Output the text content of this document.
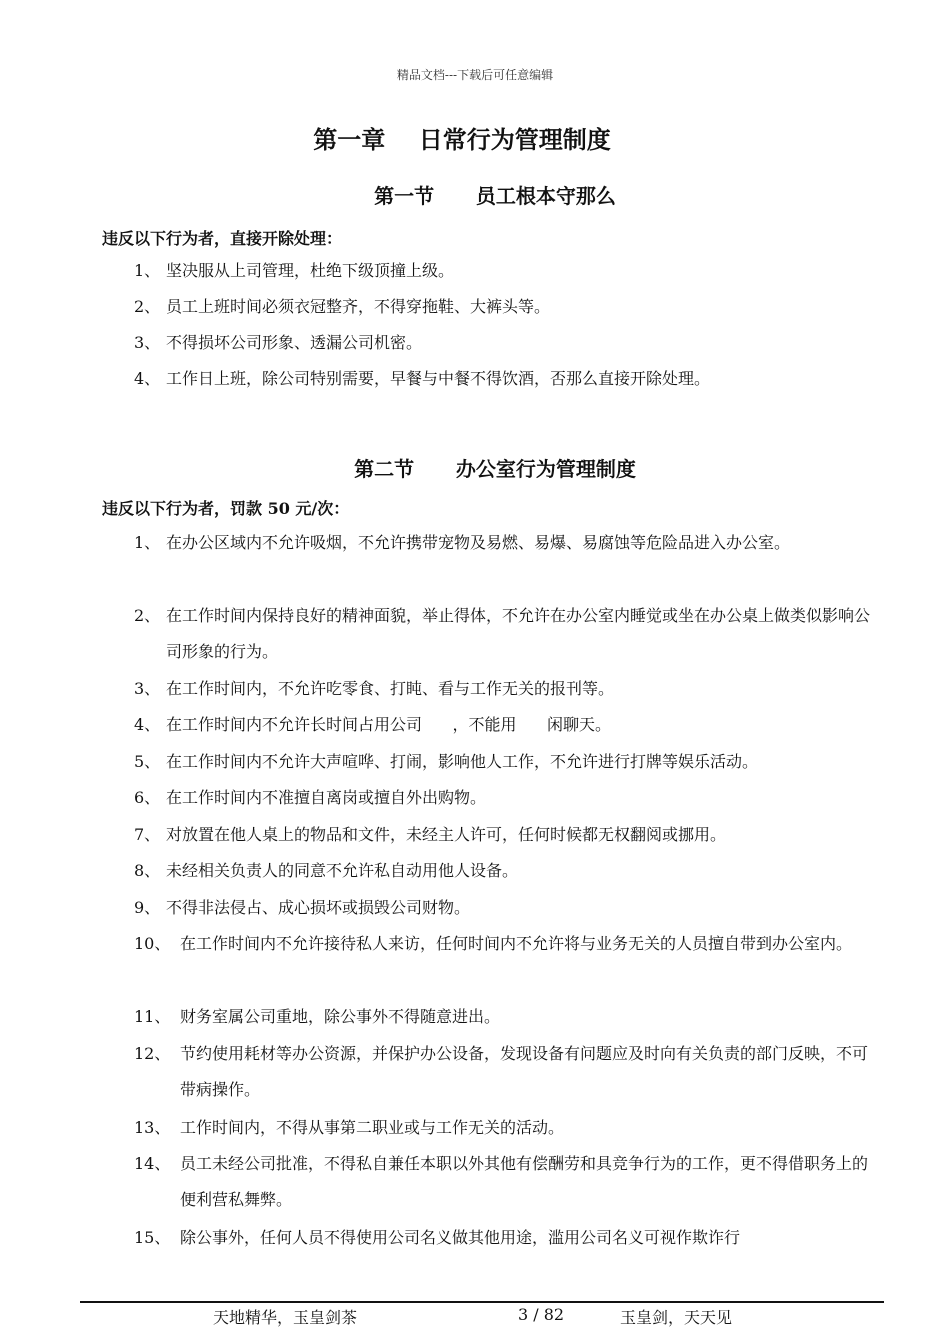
精品文档---下载后可任意编辑
第一章    日常行为管理制度
第一节      员工根本守那么
违反以下行为者，直接开除处理：
1、 坚决服从上司管理，杜绝下级顶撞上级。
2、 员工上班时间必须衣冠整齐，不得穿拖鞋、大裤头等。
3、 不得损坏公司形象、透漏公司机密。
4、 工作日上班，除公司特别需要，早餐与中餐不得饮酒，否那么直接开除处理。
第二节      办公室行为管理制度
违反以下行为者，罚款 50 元/次：
1、 在办公区域内不允许吸烟，不允许携带宠物及易燃、易爆、易腐蚀等危险品进入办公室。
2、 在工作时间内保持良好的精神面貌，举止得体，不允许在办公室内睡觉或坐在办公桌上做类似影响公司形象的行为。
3、 在工作时间内，不允许吃零食、打盹、看与工作无关的报刊等。
4、 在工作时间内不允许长时间占用公司      ，不能用      闲聊天。
5、 在工作时间内不允许大声喧哗、打闹，影响他人工作，不允许进行打牌等娱乐活动。
6、 在工作时间内不准擅自离岗或擅自外出购物。
7、 对放置在他人桌上的物品和文件，未经主人许可，任何时候都无权翻阅或挪用。
8、 未经相关负责人的同意不允许私自动用他人设备。
9、 不得非法侵占、成心损坏或损毁公司财物。
10、 在工作时间内不允许接待私人来访，任何时间内不允许将与业务无关的人员擅自带到办公室内。
11、 财务室属公司重地，除公事外不得随意进出。
12、 节约使用耗材等办公资源，并保护办公设备，发现设备有问题应及时向有关负责的部门反映，不可带病操作。
13、 工作时间内，不得从事第二职业或与工作无关的活动。
14、 员工未经公司批准，不得私自兼任本职以外其他有偿酬劳和具竞争行为的工作，更不得借职务上的便利营私舞弊。
15、 除公事外，任何人员不得使用公司名义做其他用途，滥用公司名义可视作欺诈行
天地精华，玉皇剑茶	3 / 82	玉皇剑，天天见
